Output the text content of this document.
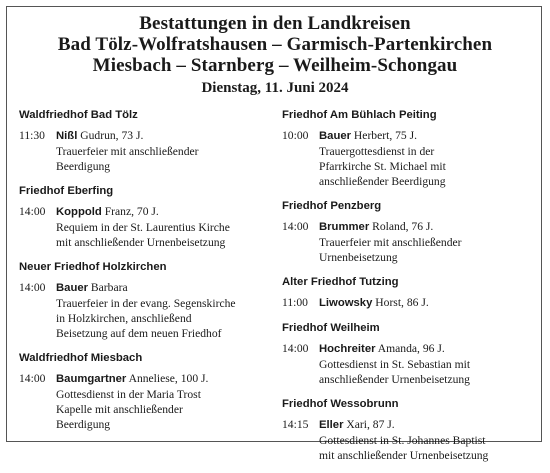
Bestattungen in den Landkreisen
Bad Tölz-Wolfratshausen – Garmisch-Partenkirchen
Miesbach – Starnberg – Weilheim-Schongau
Dienstag, 11. Juni 2024
Waldfriedhof Bad Tölz
11:30 Nißl Gudrun, 73 J.
Trauerfeier mit anschließender
Beerdigung
Friedhof Eberfing
14:00 Koppold Franz, 70 J.
Requiem in der St. Laurentius Kirche
mit anschließender Urnenbeisetzung
Neuer Friedhof Holzkirchen
14:00 Bauer Barbara
Trauerfeier in der evang. Segenskirche
in Holzkirchen, anschließend
Beisetzung auf dem neuen Friedhof
Waldfriedhof Miesbach
14:00 Baumgartner Anneliese, 100 J.
Gottesdienst in der Maria Trost
Kapelle mit anschließender
Beerdigung
Friedhof Am Bühlach Peiting
10:00 Bauer Herbert, 75 J.
Trauergottesdienst in der
Pfarrkirche St. Michael mit
anschließender Beerdigung
Friedhof Penzberg
14:00 Brummer Roland, 76 J.
Trauerfeier mit anschließender
Urnenbeisetzung
Alter Friedhof Tutzing
11:00 Liwowsky Horst, 86 J.
Friedhof Weilheim
14:00 Hochreiter Amanda, 96 J.
Gottesdienst in St. Sebastian mit
anschließender Urnenbeisetzung
Friedhof Wessobrunn
14:15 Eller Xari, 87 J.
Gottesdienst in St. Johannes Baptist
mit anschließender Urnenbeisetzung
